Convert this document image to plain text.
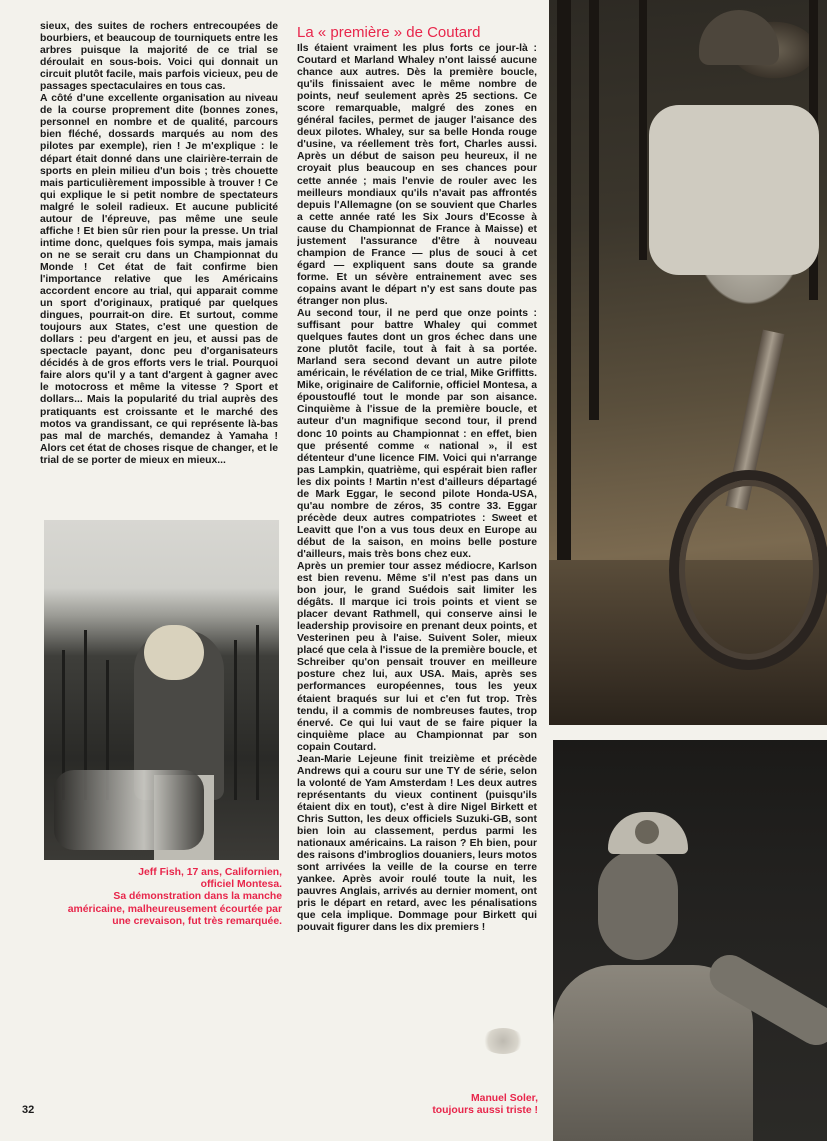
sieux, des suites de rochers entrecoupées de bourbiers, et beaucoup de tourniquets entre les arbres puisque la majorité de ce trial se déroulait en sous-bois. Voici qui donnait un circuit plutôt facile, mais parfois vicieux, peu de passages spectaculaires en tous cas.

A côté d'une excellente organisation au niveau de la course proprement dite (bonnes zones, personnel en nombre et de qualité, parcours bien fléché, dossards marqués au nom des pilotes par exemple), rien ! Je m'explique : le départ était donné dans une clairière-terrain de sports en plein milieu d'un bois ; très chouette mais particulièrement impossible à trouver ! Ce qui explique le si petit nombre de spectateurs malgré le soleil radieux. Et aucune publicité autour de l'épreuve, pas même une seule affiche ! Et bien sûr rien pour la presse. Un trial intime donc, quelques fois sympa, mais jamais on ne se serait cru dans un Championnat du Monde ! Cet état de fait confirme bien l'importance relative que les Américains accordent encore au trial, qui apparait comme un sport d'originaux, pratiqué par quelques dingues, pourrait-on dire. Et surtout, comme toujours aux States, c'est une question de dollars : peu d'argent en jeu, et aussi pas de spectacle payant, donc peu d'organisateurs décidés à de gros efforts vers le trial. Pourquoi faire alors qu'il y a tant d'argent à gagner avec le motocross et même la vitesse ? Sport et dollars... Mais la popularité du trial auprès des pratiquants est croissante et le marché des motos va grandissant, ce qui représente là-bas pas mal de marchés, demandez à Yamaha ! Alors cet état de choses risque de changer, et le trial de se porter de mieux en mieux...

Jeff Fish, 17 ans, Californien,
officiel Montesa.
Sa démonstration dans la manche
américaine, malheureusement écourtée par
une crevaison, fut très remarquée.
La « première » de Coutard

Ils étaient vraiment les plus forts ce jour-là : Coutard et Marland Whaley n'ont laissé aucune chance aux autres. Dès la première boucle, qu'ils finissaient avec le même nombre de points, neuf seulement après 25 sections. Ce score remarquable, malgré des zones en général faciles, permet de jauger l'aisance des deux pilotes. Whaley, sur sa belle Honda rouge d'usine, va réellement très fort, Charles aussi. Après un début de saison peu heureux, il ne croyait plus beaucoup en ses chances pour cette année ; mais l'envie de rouler avec les meilleurs mondiaux qu'ils n'avait pas affrontés depuis l'Allemagne (on se souvient que Charles a cette année raté les Six Jours d'Ecosse à cause du Championnat de France à Maisse) et justement l'assurance d'être à nouveau champion de France — plus de souci à cet égard — expliquent sans doute sa grande forme. Et un sévère entrainement avec ses copains avant le départ n'y est sans doute pas étranger non plus.

Au second tour, il ne perd que onze points : suffisant pour battre Whaley qui commet quelques fautes dont un gros échec dans une zone plutôt facile, tout à fait à sa portée. Marland sera second devant un autre pilote américain, le révélation de ce trial, Mike Griffitts. Mike, originaire de Californie, officiel Montesa, a époustouflé tout le monde par son aisance. Cinquième à l'issue de la première boucle, et auteur d'un magnifique second tour, il prend donc 10 points au Championnat : en effet, bien que présenté comme « national », il est détenteur d'une licence FIM. Voici qui n'arrange pas Lampkin, quatrième, qui espérait bien rafler les dix points ! Martin n'est d'ailleurs départagé de Mark Eggar, le second pilote Honda-USA, qu'au nombre de zéros, 35 contre 33. Eggar précède deux autres compatriotes : Sweet et Leavitt que l'on a vus tous deux en Europe au début de la saison, en moins belle posture d'ailleurs, mais très bons chez eux.

Après un premier tour assez médiocre, Karlson est bien revenu. Même s'il n'est pas dans un bon jour, le grand Suédois sait limiter les dégâts. Il marque ici trois points et vient se placer devant Rathmell, qui conserve ainsi le leadership provisoire en prenant deux points, et Vesterinen peu à l'aise. Suivent Soler, mieux placé que cela à l'issue de la première boucle, et Schreiber qu'on pensait trouver en meilleure posture chez lui, aux USA. Mais, après ses performances européennes, tous les yeux étaient braqués sur lui et c'en fut trop. Très tendu, il a commis de nombreuses fautes, trop énervé. Ce qui lui vaut de se faire piquer la cinquième place au Championnat par son copain Coutard.

Jean-Marie Lejeune finit treizième et précède Andrews qui a couru sur une TY de série, selon la volonté de Yam Amsterdam ! Les deux autres représentants du vieux continent (puisqu'ils étaient dix en tout), c'est à dire Nigel Birkett et Chris Sutton, les deux officiels Suzuki-GB, sont bien loin au classement, perdus parmi les nationaux américains. La raison ? Eh bien, pour des raisons d'imbroglios douaniers, leurs motos sont arrivées la veille de la course en terre yankee. Après avoir roulé toute la nuit, les pauvres Anglais, arrivés au dernier moment, ont pris le départ en retard, avec les pénalisations que cela implique. Dommage pour Birkett qui pouvait figurer dans les dix premiers !

Manuel Soler,
toujours aussi triste !
32
